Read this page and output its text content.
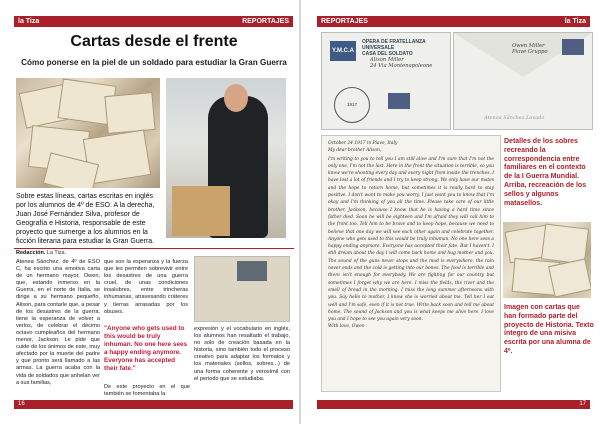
la Tiza	REPORTAJES
Cartas desde el frente
Cómo ponerse en la piel de un soldado para estudiar la Gran Guerra
Sobre estas líneas, cartas escritas en inglés por los alumnos de 4º de ESO. A la derecha, Juan José Fernández Silva, profesor de Geografía e Historia, responsable de este proyecto que sumerge a los alumnos en la ficción literaria para estudiar la Gran Guerra.
Redacción. La Tiza.
Atenea Sánchez, de 4º de ESO C, ha escrito una emotiva carta de un hermano mayor, Owen, que, estando inmerso en la Guerra, en el norte de Italia, se dirige a su hermano pequeño, Alison, para contarle que, a pesar de los desastres de la guerra, tiene la esperanza de volver a verlos, de celebrar el décimo octavo cumpleaños del hermano menor, Jackson. Le pide que cuide de los ánimos de este, muy afectado por la muerte del padre y que pronto será llamado a las armas. La guerra acaba con la vida de soldados que anhelan ver a sus familias,
que son la esperanza y la fuerza que les permiten sobrevivir entre los desastres de una guerra cruel, de unas condiciones insalubres, entre trincheras inhumanas, atravesando cráteres y tierras arrasadas por los obuses.
"Anyone who gets used to this would be truly inhuman. No one here sees a happy ending anymore. Everyone has accepted their fate."
De este proyecto en el que también se fomentaba la
expresión y el vocabulario en inglés, los alumnos han resaltado el trabajo, no solo de creación basada en la historia, sino también todo el proceso creativo para adaptar los formatos y los materiales (sellos, sobres...) de una forma coherente y verosímil con el periodo que se estudiaba.
16
REPORTAJES	la Tiza
Y.M.C.A
OPERA DE FRATELLANZA UNIVERSALE
CASA DEL SOLDATO
Alison Miller
24 Via Montenapoleone
1917
Owen Miller
Piave Gruppo
Atenea Sánchez Lavado

October 24 1917 in Piave, Italy

My dear brother Alison,

I'm writing to you to tell you I am still alive and I'm sure that I'm not the only one, I'm not the last. Here in the front the situation is terrible, so you know we're shooting every day and every night from inside the trenches. I have lost a lot of friends and I try to keep strong. We only have our mates and the hope to return home, but sometimes it is really hard to stay positive. I don't want to make you worry, I just want you to know that I'm okay and I'm thinking of you all the time. Please take care of our little brother, Jackson, because I know that he is having a hard time since father died. Soon he will be eighteen and I'm afraid they will call him to the front too. Tell him to be brave and to keep hope, because we need to believe that one day we will see each other again and celebrate together. Anyone who gets used to this would be truly inhuman. No one here sees a happy ending anymore. Everyone has accepted their fate. But I haven't. I still dream about the day I will come back home and hug mother and you. The sound of the guns never stops and the mud is everywhere, the rain never ends and the cold is getting into our bones. The food is terrible and there isn't enough for everybody. We are fighting for our country but sometimes I forget why we are here. I miss the fields, the river and the smell of bread in the morning. I miss the long summer afternoons with you. Say hello to mother, I know she is worried about me. Tell her I eat well and I'm safe, even if it is not true. Write back soon and tell me about home. The sound of Jackson and you is what keeps me alive here. I love you and I hope to see you again very soon.

With love, Owen

Detalles de los sobres recreando la correspondencia entre familiares en el contexto de la I Guerra Mundial. Arriba, recreación de los sellos y algunos matasellos.
Imagen con cartas que han formado parte del proyecto de Historia. Texto íntegro de una misiva escrita por una alumna de 4º.
17
